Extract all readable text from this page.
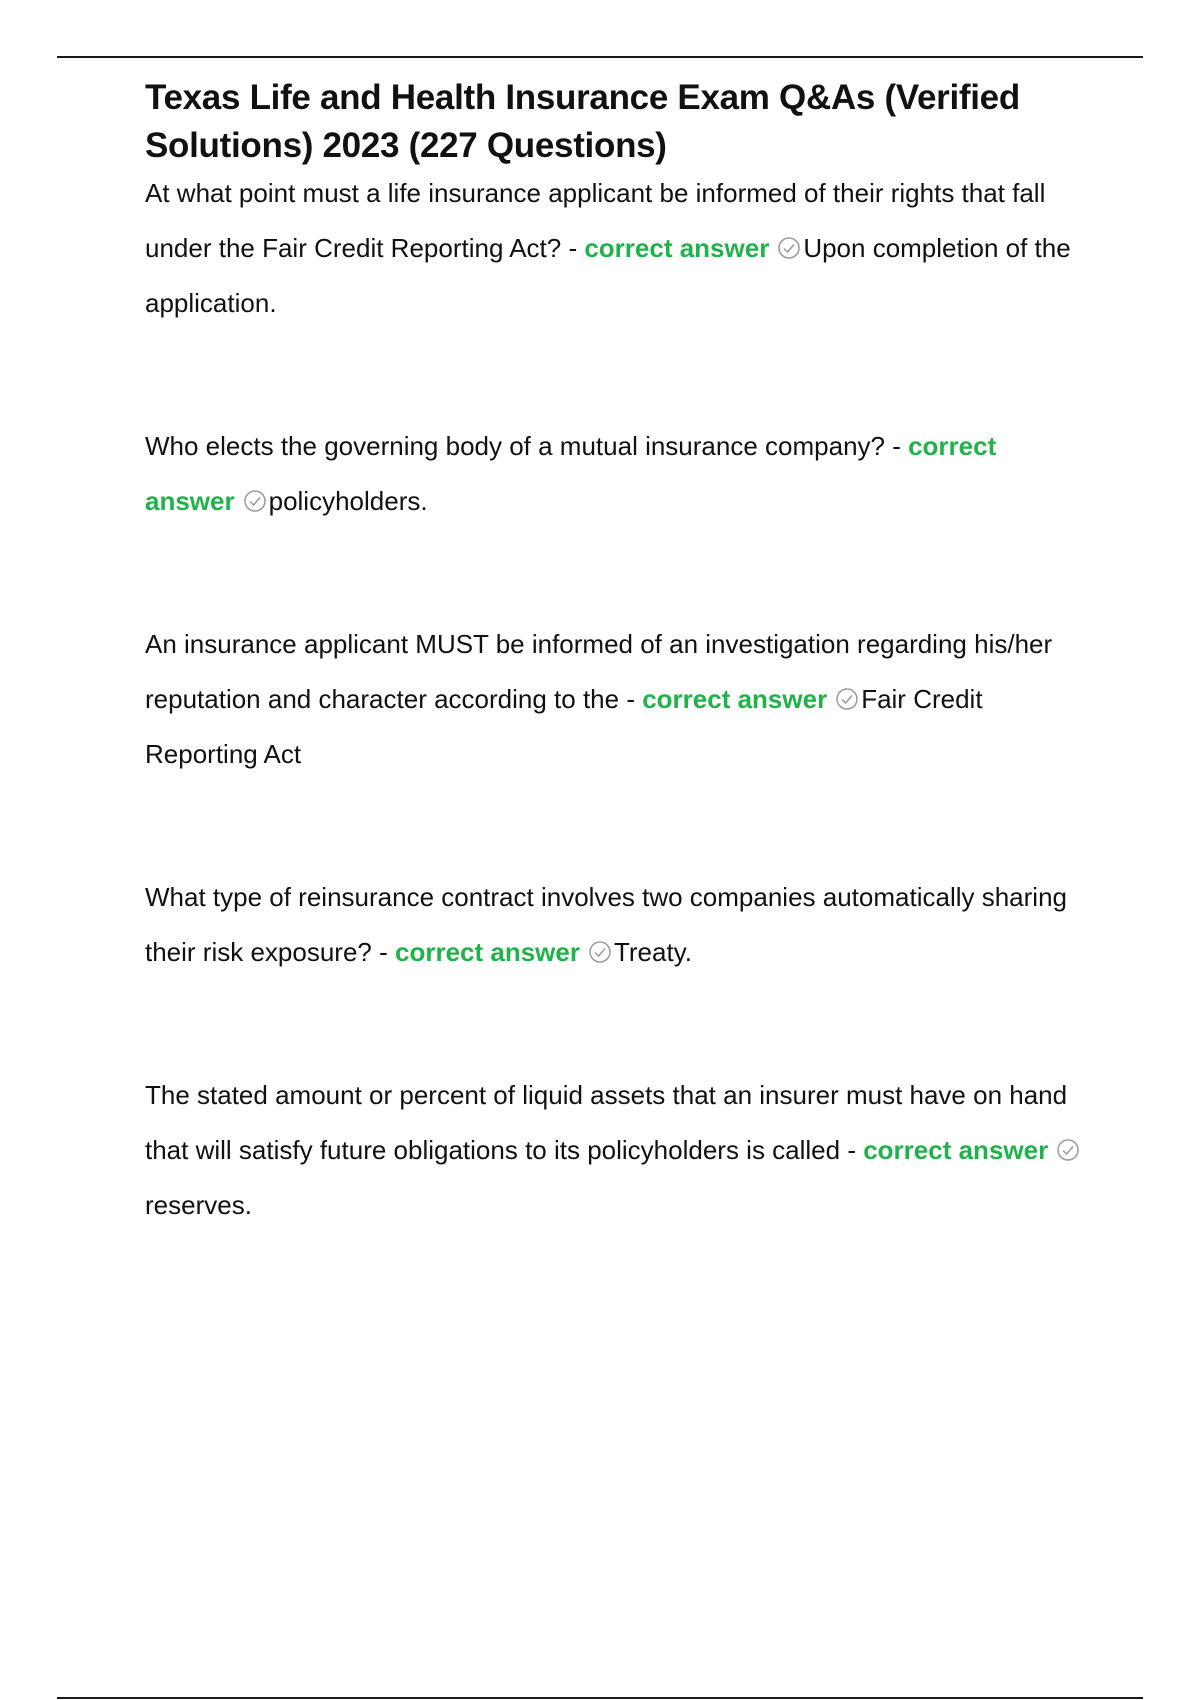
Texas Life and Health Insurance Exam Q&As (Verified Solutions) 2023 (227 Questions)

At what point must a life insurance applicant be informed of their rights that fall under the Fair Credit Reporting Act? - correct answer Upon completion of the application.

Who elects the governing body of a mutual insurance company? - correct answer policyholders.

An insurance applicant MUST be informed of an investigation regarding his/her reputation and character according to the - correct answer Fair Credit Reporting Act

What type of reinsurance contract involves two companies automatically sharing their risk exposure? - correct answer Treaty.

The stated amount or percent of liquid assets that an insurer must have on hand that will satisfy future obligations to its policyholders is called - correct answerreserves.
